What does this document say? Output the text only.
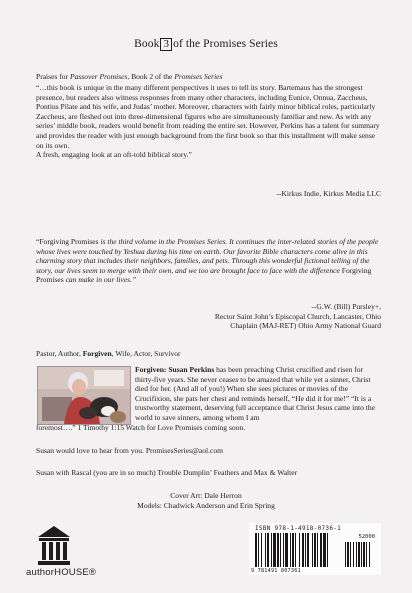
Book 3 of the Promises Series
Praises for Passover Promises, Book 2 of the Promises Series
“…this book is unique in the many different perspectives it uses to tell its story. Bartemaus has the strongest presence, but readers also witness responses from many other characters, including Eunice, Onnua, Zaccheus, Pontius Pilate and his wife, and Judas’ mother. Moreover, characters with fairly minor biblical roles, particularly Zaccheus, are fleshed out into three-dimensional figures who are simultaneously familiar and new. As with any series’ middle book, readers would benefit from reading the entire set. However, Perkins has a talent for summary and provides the reader with just enough background from the first book so that this installment will make sense on its own.
A fresh, engaging look at an oft-told biblical story.”
--Kirkus Indie, Kirkus Media LLC
“Forgiving Promises is the third volume in the Promises Series. It continues the inter-related stories of the people whose lives were touched by Yeshua during his time on earth. Our favorite Bible characters come alive in this charming story that includes their neighbors, families, and pets. Through this wonderful fictional telling of the story, our lives seem to merge with their own, and we too are brought face to face with the difference Forgiving Promises can make in our lives.”
--G.W. (Bill) Pursley+,
Rector Saint John’s Episcopal Church, Lancaster, Ohio
Chaplain (MAJ-RET) Ohio Army National Guard
Pastor, Author, Forgiven, Wife, Actor, Survivor
Forgiven: Susan Perkins has been preaching Christ crucified and risen for thirty-five years. She never ceases to be amazed that while yet a sinner, Christ died for her. (And all of you!) When she sees pictures or movies of the Crucifixion, she pats her chest and reminds herself, “He did it for me!” “It is a trustworthy statement, deserving full acceptance that Christ Jesus came into the world to save sinners, among whom I am
foremost….” 1 Timothy 1:15 Watch for Love Promises coming soon.
Susan would love to hear from you. PromisesSeries@aol.com
Susan with Rascal (you are in so much) Trouble Dumplin’ Feathers and Max & Walter
Cover Art: Dale Herron
Models: Chadwick Anderson and Erin Spring
authorHOUSE®
ISBN 978-1-4918-0736-1
52000
9 781491 807361
